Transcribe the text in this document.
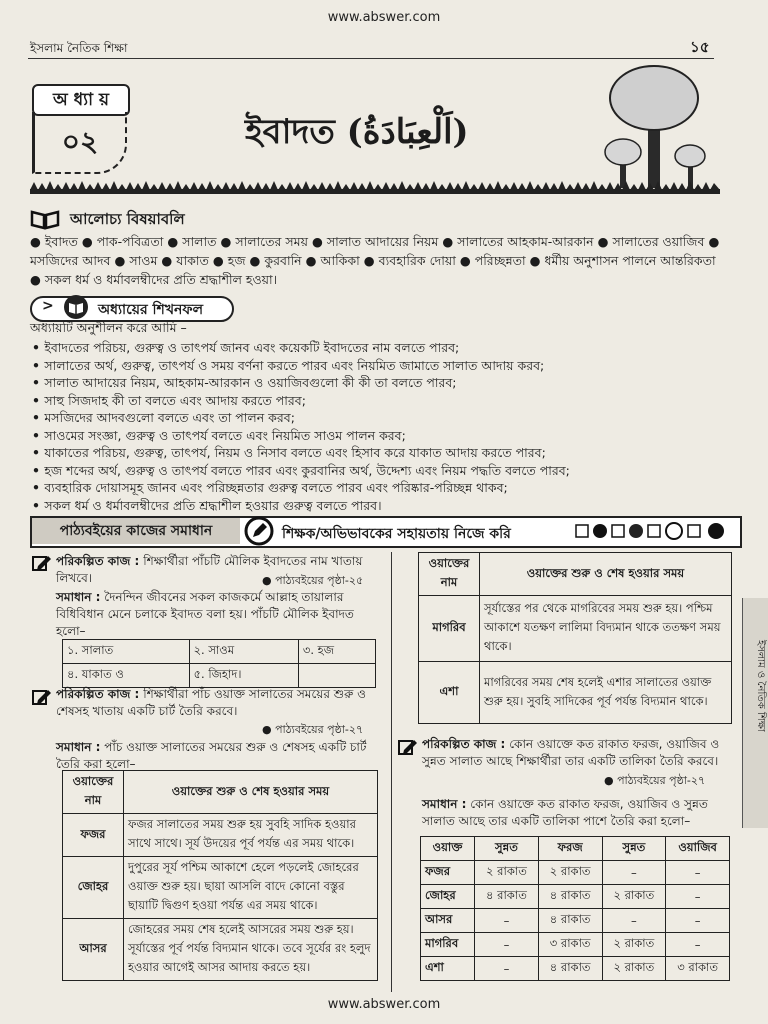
www.abswer.com
www.abswer.com
ইসলাম নৈতিক শিক্ষা	১৫
অ ধ্যা য়
০২	ইবাদত (اَلْعِبَادَةُ)
আলোচ্য বিষয়াবলি
● ইবাদত ● পাক-পবিত্রতা ● সালাত ● সালাতের সময় ● সালাত আদায়ের নিয়ম ● সালাতের আহকাম-আরকান ● সালাতের ওয়াজিব ● মসজিদের আদব ● সাওম ● যাকাত ● হজ ● কুরবানি ● আকিকা ● ব্যবহারিক দোয়া ● পরিচ্ছন্নতা ● ধর্মীয় অনুশাসন পালনে আন্তরিকতা ● সকল ধর্ম ও ধর্মাবলম্বীদের প্রতি শ্রদ্ধাশীল হওয়া।
>	অধ্যায়ের শিখনফল
অধ্যায়টি অনুশীলন করে আমি –
• ইবাদতের পরিচয়, গুরুত্ব ও তাৎপর্য জানব এবং কয়েকটি ইবাদতের নাম বলতে পারব;
• সালাতের অর্থ, গুরুত্ব, তাৎপর্য ও সময় বর্ণনা করতে পারব এবং নিয়মিত জামাতে সালাত আদায় করব;
• সালাত আদায়ের নিয়ম, আহকাম-আরকান ও ওয়াজিবগুলো কী কী তা বলতে পারব;
• সাহু সিজদাহ কী তা বলতে এবং আদায় করতে পারব;
• মসজিদের আদবগুলো বলতে এবং তা পালন করব;
• সাওমের সংজ্ঞা, গুরুত্ব ও তাৎপর্য বলতে এবং নিয়মিত সাওম পালন করব;
• যাকাতের পরিচয়, গুরুত্ব, তাৎপর্য, নিয়ম ও নিসাব বলতে এবং হিসাব করে যাকাত আদায় করতে পারব;
• হজ শব্দের অর্থ, গুরুত্ব ও তাৎপর্য বলতে পারব এবং কুরবানির অর্থ, উদ্দেশ্য এবং নিয়ম পদ্ধতি বলতে পারব;
• ব্যবহারিক দোয়াসমূহ জানব এবং পরিচ্ছন্নতার গুরুত্ব বলতে পারব এবং পরিষ্কার-পরিচ্ছন্ন থাকব;
• সকল ধর্ম ও ধর্মাবলম্বীদের প্রতি শ্রদ্ধাশীল হওয়ার গুরুত্ব বলতে পারব।
পাঠ্যবইয়ের কাজের সমাধান	শিক্ষক/অভিভাবকের সহায়তায় নিজে করি
পরিকল্পিত কাজ : শিক্ষার্থীরা পাঁচটি মৌলিক ইবাদতের নাম খাতায় লিখবে।	● পাঠ্যবইয়ের পৃষ্ঠা-২৫
সমাধান : দৈনন্দিন জীবনের সকল কাজকর্মে আল্লাহ তায়ালার বিধিবিধান মেনে চলাকে ইবাদত বলা হয়। পাঁচটি মৌলিক ইবাদত হলো–
১. সালাত	২. সাওম	৩. হজ
৪. যাকাত ও	৫. জিহাদ।	
পরিকল্পিত কাজ : শিক্ষার্থীরা পাঁচ ওয়াক্ত সালাতের সময়ের শুরু ও শেষসহ খাতায় একটি চার্ট তৈরি করবে।
● পাঠ্যবইয়ের পৃষ্ঠা-২৭
সমাধান : পাঁচ ওয়াক্ত সালাতের সময়ের শুরু ও শেষসহ একটি চার্ট তৈরি করা হলো–
ওয়াক্তের নাম	ওয়াক্তের শুরু ও শেষ হওয়ার সময়
ফজর	ফজর সালাতের সময় শুরু হয় সুবহি সাদিক হওয়ার সাথে সাথে। সূর্য উদয়ের পূর্ব পর্যন্ত এর সময় থাকে।
জোহর	দুপুরের সূর্য পশ্চিম আকাশে হেলে পড়লেই জোহরের ওয়াক্ত শুরু হয়। ছায়া আসলি বাদে কোনো বস্তুর ছায়াটি দ্বিগুণ হওয়া পর্যন্ত এর সময় থাকে।
আসর	জোহরের সময় শেষ হলেই আসরের সময় শুরু হয়। সূর্যাস্তের পূর্ব পর্যন্ত বিদ্যমান থাকে। তবে সূর্যের রং হলুদ হওয়ার আগেই আসর আদায় করতে হয়।
ওয়াক্তের নাম	ওয়াক্তের শুরু ও শেষ হওয়ার সময়
মাগরিব	সূর্যাস্তের পর থেকে মাগরিবের সময় শুরু হয়। পশ্চিম আকাশে যতক্ষণ লালিমা বিদ্যমান থাকে ততক্ষণ সময় থাকে।
এশা	মাগরিবের সময় শেষ হলেই এশার সালাতের ওয়াক্ত শুরু হয়। সুবহি সাদিকের পূর্ব পর্যন্ত বিদ্যমান থাকে।
পরিকল্পিত কাজ : কোন ওয়াক্তে কত রাকাত ফরজ, ওয়াজিব ও সুন্নত সালাত আছে শিক্ষার্থীরা তার একটি তালিকা তৈরি করবে।
● পাঠ্যবইয়ের পৃষ্ঠা-২৭
সমাধান : কোন ওয়াক্তে কত রাকাত ফরজ, ওয়াজিব ও সুন্নত সালাত আছে তার একটি তালিকা পাশে তৈরি করা হলো–
ওয়াক্ত	সুন্নত	ফরজ	সুন্নত	ওয়াজিব
ফজর	২ রাকাত	২ রাকাত	–	–
জোহর	৪ রাকাত	৪ রাকাত	২ রাকাত	–
আসর	–	৪ রাকাত	–	–
মাগরিব	–	৩ রাকাত	২ রাকাত	–
এশা	–	৪ রাকাত	২ রাকাত	৩ রাকাত
ইসলাম ও নৈতিক শিক্ষা
